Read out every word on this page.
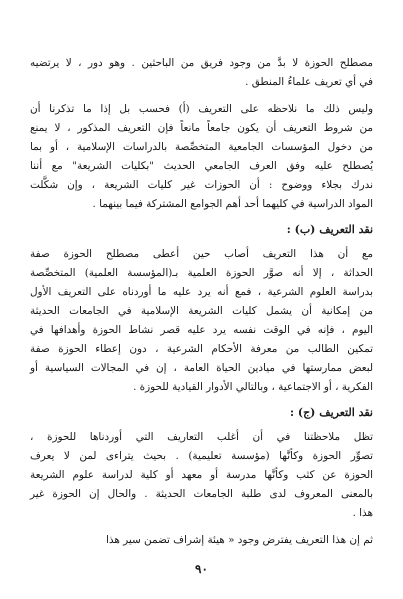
مصطلح الحوزة لا بدَّ من وجود فريق من الباحثين . وهو دور ، لا يرتضيه
في أي تعريف علماءُ المنطق .

وليس ذلك ما نلاحظه على التعريف (أ) فحسب بل إذا ما تذكرنا أن
من شروط التعريف أن يكون جامعاً مانعاً فإن التعريف المذكور ، لا يمنع
من دخول المؤسسات الجامعية المتخصِّصة بالدراسات الإسلامية ، أو بما
يُصطلح عليه وفق العرف الجامعي الحديث "بكليات الشريعة" مع أننا
ندرك بجلاء ووضوح : أن الحوزات غير كليات الشريعة ، وإن شكَّلت
المواد الدراسية في كليهما أحد أهم الجوامع المشتركة فيما بينهما .

نقد التعريف (ب) :

مع أن هذا التعريف أصاب حين أعطى مصطلح الحوزة صفة
الحداثة ، إلا أنه صوَّر الحوزة العلمية بـ(المؤسسة العلمية) المتخصِّصة
بدراسة العلوم الشرعية ، فمع أنه يرد عليه ما أوردناه على التعريف الأول
من إمكانية أن يشمل كليات الشريعة الإسلامية في الجامعات الحديثة
اليوم ، فإنه في الوقت نفسه يرد عليه قصر نشاط الحوزة وأهدافها في
تمكين الطالب من معرفة الأحكام الشرعية ، دون إعطاء الحوزة صفة
لبعض ممارستها في ميادين الحياة العامة ، إن في المجالات السياسية أو
الفكرية ، أو الاجتماعية ، وبالتالي الأدوار القيادية للحوزة .

نقد التعريف (ج) :

تظل ملاحظتنا في أن أغلب التعاريف التي أوردناها للحوزة ،
تصوِّر الحوزة وكأنَّها (مؤسسة تعليمية) . بحيث يتراءى لمن لا يعرف
الحوزة عن كثب وكأنَّها مدرسة أو معهد أو كلية لدراسة علوم الشريعة
بالمعنى المعروف لدى طلبة الجامعات الحديثة . والحال إن الحوزة غير
هذا .

ثم إن هذا التعريف يفترض وجود « هيئة إشراف تضمن سير هذا

٩٠
